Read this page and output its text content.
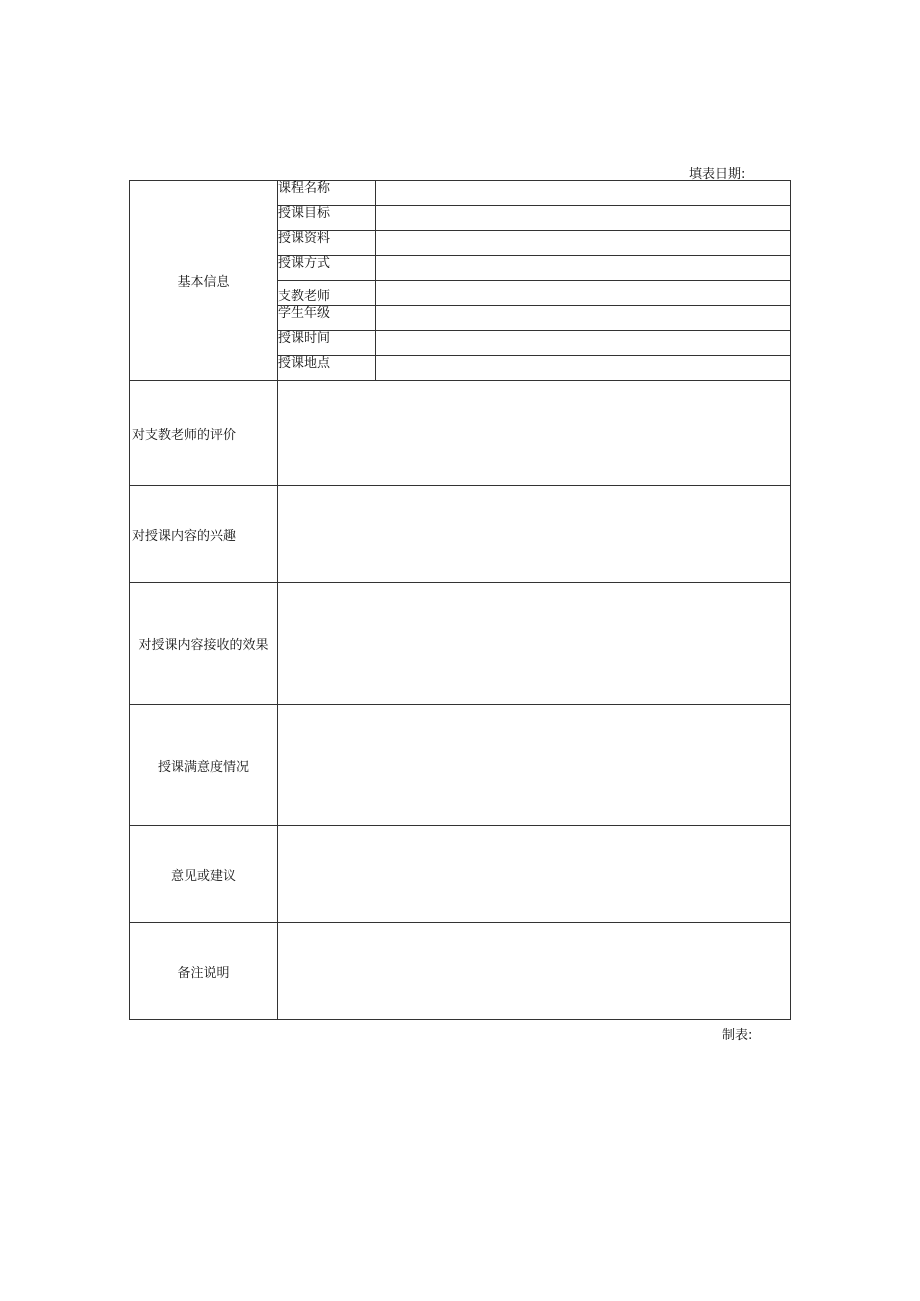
填表日期:
基本信息	课程名称	
	授课目标	
	授课资料	
	授课方式	
	支教老师	
	学生年级	
	授课时间	
	授课地点	
对支教老师的评价		
对授课内容的兴趣		
对授课内容接收的效果		
授课满意度情况		
意见或建议		
备注说明		
制表:
